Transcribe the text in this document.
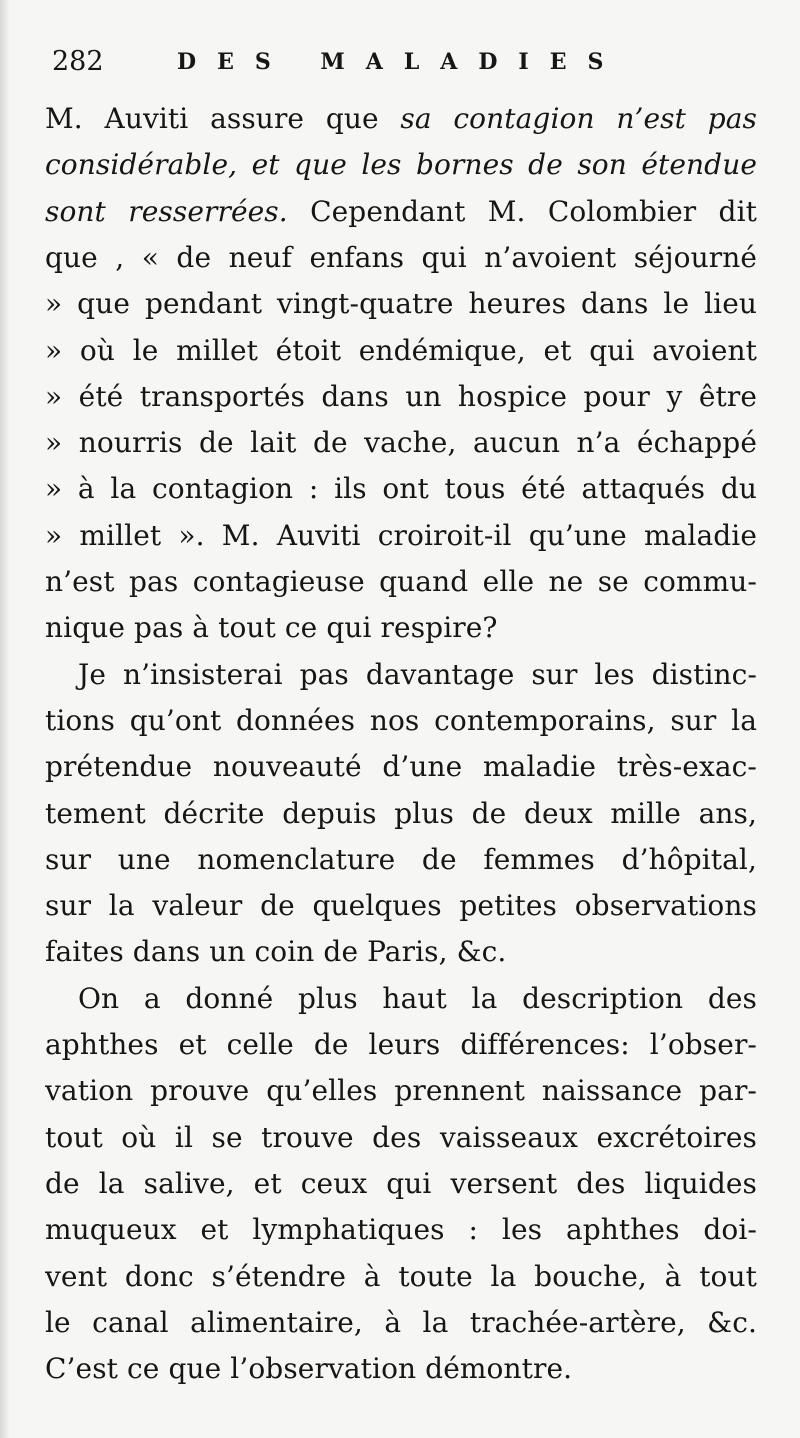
282	DES MALADIES
M. Auviti assure que sa contagion n’est pas
considérable, et que les bornes de son étendue
sont resserrées. Cependant M. Colombier dit
que , « de neuf enfans qui n’avoient séjourné
» que pendant vingt-quatre heures dans le lieu
» où le millet étoit endémique, et qui avoient
» été transportés dans un hospice pour y être
» nourris de lait de vache, aucun n’a échappé
» à la contagion : ils ont tous été attaqués du
» millet ». M. Auviti croiroit-il qu’une maladie
n’est pas contagieuse quand elle ne se commu-
nique pas à tout ce qui respire?
Je n’insisterai pas davantage sur les distinc-
tions qu’ont données nos contemporains, sur la
prétendue nouveauté d’une maladie très-exac-
tement décrite depuis plus de deux mille ans,
sur une nomenclature de femmes d’hôpital,
sur la valeur de quelques petites observations
faites dans un coin de Paris, &c.
On a donné plus haut la description des
aphthes et celle de leurs différences: l’obser-
vation prouve qu’elles prennent naissance par-
tout où il se trouve des vaisseaux excrétoires
de la salive, et ceux qui versent des liquides
muqueux et lymphatiques : les aphthes doi-
vent donc s’étendre à toute la bouche, à tout
le canal alimentaire, à la trachée-artère, &c.
C’est ce que l’observation démontre.
